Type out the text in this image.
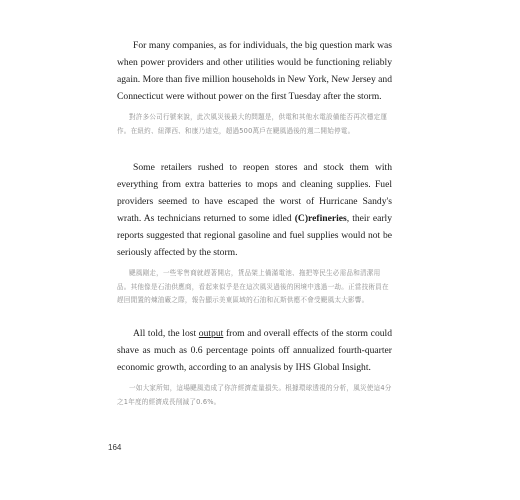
For many companies, as for individuals, the big question mark was when power providers and other utilities would be functioning reliably again. More than five million households in New York, New Jersey and Connecticut were without power on the first Tuesday after the storm.

對許多公司行號來說，此次風災後最大的問題是，供電和其他水電設備能否再次穩定運作。在紐約、紐澤西、和康乃迪克，超過500萬戶在颶風過後的週二開始停電。

Some retailers rushed to reopen stores and stock them with everything from extra batteries to mops and cleaning supplies. Fuel providers seemed to have escaped the worst of Hurricane Sandy's wrath. As technicians returned to some idled (C)refineries, their early reports suggested that regional gasoline and fuel supplies would not be seriously affected by the storm.

颶風剛走，一些零售商就趕著開店，貨品架上備滿電池、拖把等民生必需品和清潔用品。其他像是石油供應商，看起來似乎是在這次風災過後的困境中逃過一劫。正當技術員在趕回閒置的煉油廠之際，報告顯示美東區域的石油和瓦斯供應不會受颶風太大影響。

All told, the lost output from and overall effects of the storm could shave as much as 0.6 percentage points off annualized fourth-quarter economic growth, according to an analysis by IHS Global Insight.

一如大家所知，這場颶風造成了你許經濟產量損失。根據環球透視的分析，風災使這4分之1年度的經濟成長削減了0.6%。

164
